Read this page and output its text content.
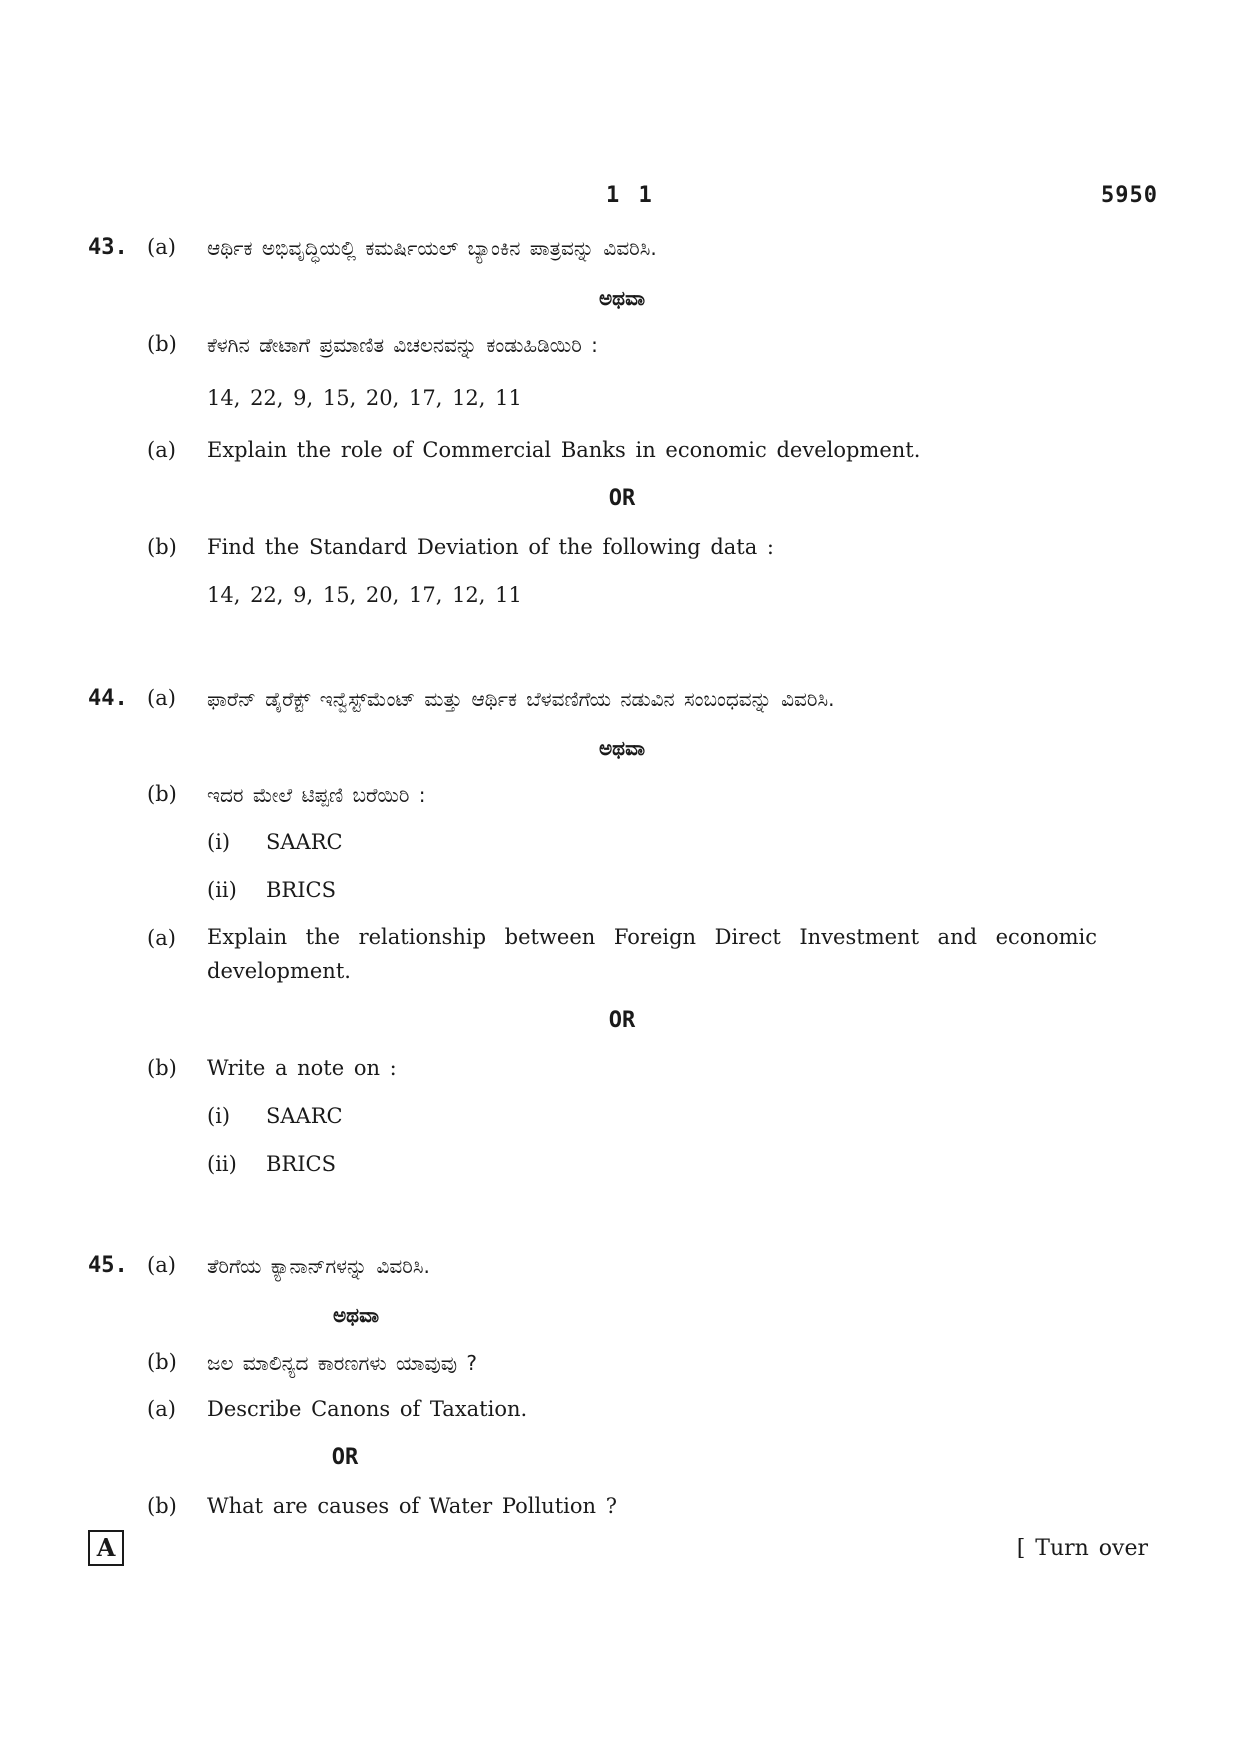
1 1	5950
43. (a) ಆರ್ಥಿಕ ಅಭಿವೃದ್ಧಿಯಲ್ಲಿ ಕಮರ್ಷಿಯಲ್ ಬ್ಯಾಂಕಿನ ಪಾತ್ರವನ್ನು ವಿವರಿಸಿ.
ಅಥವಾ
(b) ಕೆಳಗಿನ ಡೇಟಾಗೆ ಪ್ರಮಾಣಿತ ವಿಚಲನವನ್ನು ಕಂಡುಹಿಡಿಯಿರಿ :
14, 22, 9, 15, 20, 17, 12, 11
(a) Explain the role of Commercial Banks in economic development.
OR
(b) Find the Standard Deviation of the following data :
14, 22, 9, 15, 20, 17, 12, 11
44. (a) ಫಾರೆನ್ ಡೈರೆಕ್ಟ್ ಇನ್ವೆಸ್ಟ್‌ಮೆಂಟ್ ಮತ್ತು ಆರ್ಥಿಕ ಬೆಳವಣಿಗೆಯ ನಡುವಿನ ಸಂಬಂಧವನ್ನು ವಿವರಿಸಿ.
ಅಥವಾ
(b) ಇದರ ಮೇಲೆ ಟಿಪ್ಪಣಿ ಬರೆಯಿರಿ :
(i) SAARC
(ii) BRICS
(a) Explain the relationship between Foreign Direct Investment and economic development.
OR
(b) Write a note on :
(i) SAARC
(ii) BRICS
45. (a) ತೆರಿಗೆಯ ಕ್ಯಾನಾನ್‌ಗಳನ್ನು ವಿವರಿಸಿ.
ಅಥವಾ
(b) ಜಲ ಮಾಲಿನ್ಯದ ಕಾರಣಗಳು ಯಾವುವು ?
(a) Describe Canons of Taxation.
OR
(b) What are causes of Water Pollution ?
A	[ Turn over
